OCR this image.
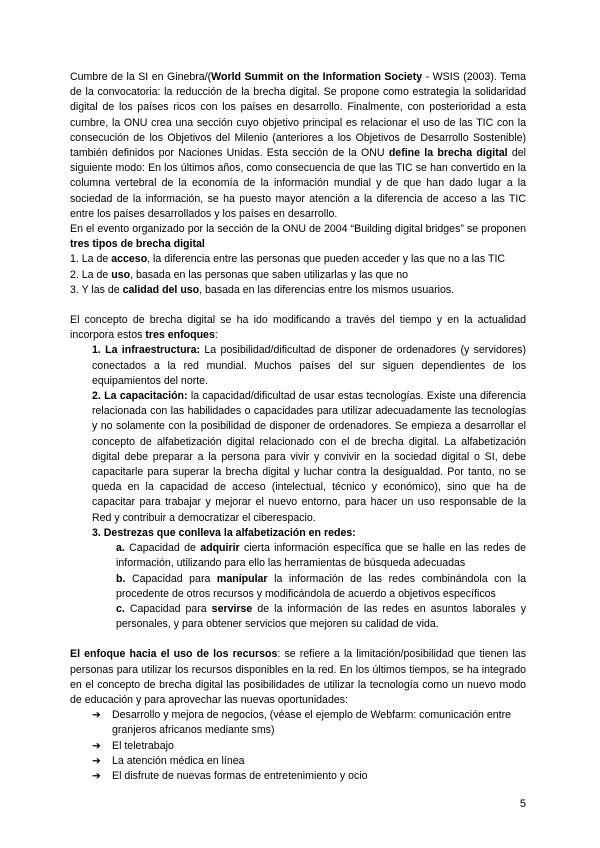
Cumbre de la SI en Ginebra/(World Summit on the Information Society - WSIS (2003). Tema de la convocatoria: la reducción de la brecha digital. Se propone como estrategia la solidaridad digital de los países ricos con los países en desarrollo. Finalmente, con posterioridad a esta cumbre, la ONU crea una sección cuyo objetivo principal es relacionar el uso de las TIC con la consecución de los Objetivos del Milenio (anteriores a los Objetivos de Desarrollo Sostenible) también definidos por Naciones Unidas. Esta sección de la ONU define la brecha digital del siguiente modo: En los últimos años, como consecuencia de que las TIC se han convertido en la columna vertebral de la economía de la información mundial y de que han dado lugar a la sociedad de la información, se ha puesto mayor atención a la diferencia de acceso a las TIC entre los países desarrollados y los países en desarrollo.

En el evento organizado por la sección de la ONU de 2004 “Building digital bridges” se proponen tres tipos de brecha digital

1. La de acceso, la diferencia entre las personas que pueden acceder y las que no a las TIC

2. La de uso, basada en las personas que saben utilizarlas y las que no

3. Y las de calidad del uso, basada en las diferencias entre los mismos usuarios.

El concepto de brecha digital se ha ido modificando a través del tiempo y en la actualidad incorpora estos tres enfoques:

1. La infraestructura: La posibilidad/dificultad de disponer de ordenadores (y servidores) conectados a la red mundial. Muchos países del sur siguen dependientes de los equipamientos del norte.

2. La capacitación: la capacidad/dificultad de usar estas tecnologías. Existe una diferencia relacionada con las habilidades o capacidades para utilizar adecuadamente las tecnologías y no solamente con la posibilidad de disponer de ordenadores. Se empieza a desarrollar el concepto de alfabetización digital relacionado con el de brecha digital. La alfabetización digital debe preparar a la persona para vivir y convivir en la sociedad digital o SI, debe capacitarle para superar la brecha digital y luchar contra la desigualdad. Por tanto, no se queda en la capacidad de acceso (intelectual, técnico y económico), sino que ha de capacitar para trabajar y mejorar el nuevo entorno, para hacer un uso responsable de la Red y contribuir a democratizar el ciberespacio.

3. Destrezas que conlleva la alfabetización en redes:

a. Capacidad de adquirir cierta información específica que se halle en las redes de información, utilizando para ello las herramientas de búsqueda adecuadas

b. Capacidad para manipular la información de las redes combinándola con la procedente de otros recursos y modificándola de acuerdo a objetivos específicos

c. Capacidad para servirse de la información de las redes en asuntos laborales y personales, y para obtener servicios que mejoren su calidad de vida.

El enfoque hacia el uso de los recursos: se refiere a la limitación/posibilidad que tienen las personas para utilizar los recursos disponibles en la red. En los últimos tiempos, se ha integrado en el concepto de brecha digital las posibilidades de utilizar la tecnología como un nuevo modo de educación y para aprovechar las nuevas oportunidades:

➔ Desarrollo y mejora de negocios, (véase el ejemplo de Webfarm: comunicación entre granjeros africanos mediante sms)
➔ El teletrabajo
➔ La atención médica en línea
➔ El disfrute de nuevas formas de entretenimiento y ocio
5
